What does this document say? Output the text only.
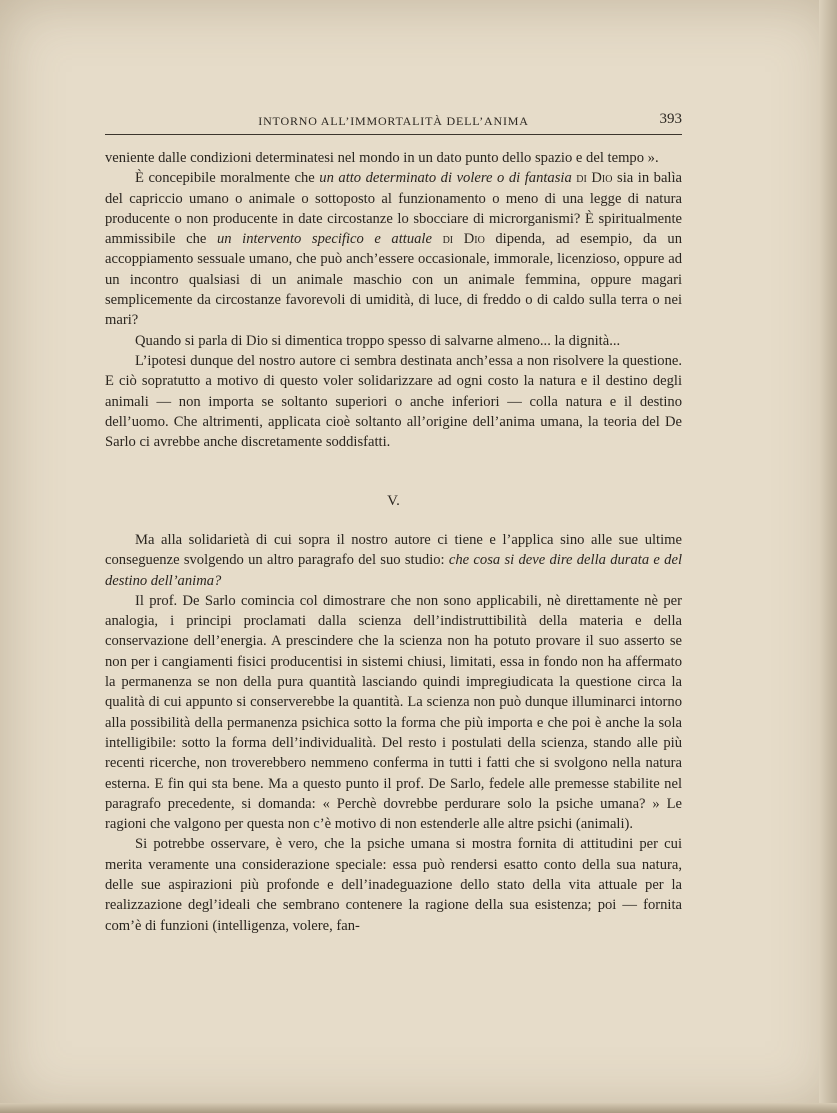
INTORNO ALL’IMMORTALITÀ DELL’ANIMA	393

veniente dalle condizioni determinatesi nel mondo in un dato punto dello spazio e del tempo ».

È concepibile moralmente che un atto determinato di volere o di fantasia di Dio sia in balìa del capriccio umano o animale o sottoposto al funzionamento o meno di una legge di natura producente o non producente in date circostanze lo sbocciare di microrganismi? È spiritualmente ammissibile che un intervento specifico e attuale di Dio dipenda, ad esempio, da un accoppiamento sessuale umano, che può anch’essere occasionale, immorale, licenzioso, oppure ad un incontro qualsiasi di un animale maschio con un animale femmina, oppure magari semplicemente da circostanze favorevoli di umidità, di luce, di freddo o di caldo sulla terra o nei mari?

Quando si parla di Dio si dimentica troppo spesso di salvarne almeno... la dignità...

L’ipotesi dunque del nostro autore ci sembra destinata anch’essa a non risolvere la questione. E ciò sopratutto a motivo di questo voler solidarizzare ad ogni costo la natura e il destino degli animali — non importa se soltanto superiori o anche inferiori — colla natura e il destino dell’uomo. Che altrimenti, applicata cioè soltanto all’origine dell’anima umana, la teoria del De Sarlo ci avrebbe anche discretamente soddisfatti.

V.

Ma alla solidarietà di cui sopra il nostro autore ci tiene e l’applica sino alle sue ultime conseguenze svolgendo un altro paragrafo del suo studio: che cosa si deve dire della durata e del destino dell’anima?

Il prof. De Sarlo comincia col dimostrare che non sono applicabili, nè direttamente nè per analogia, i principi proclamati dalla scienza dell’indistruttibilità della materia e della conservazione dell’energia. A prescindere che la scienza non ha potuto provare il suo asserto se non per i cangiamenti fisici producentisi in sistemi chiusi, limitati, essa in fondo non ha affermato la permanenza se non della pura quantità lasciando quindi impregiudicata la questione circa la qualità di cui appunto si conserverebbe la quantità. La scienza non può dunque illuminarci intorno alla possibilità della permanenza psichica sotto la forma che più importa e che poi è anche la sola intelligibile: sotto la forma dell’individualità. Del resto i postulati della scienza, stando alle più recenti ricerche, non troverebbero nemmeno conferma in tutti i fatti che si svolgono nella natura esterna. E fin qui sta bene. Ma a questo punto il prof. De Sarlo, fedele alle premesse stabilite nel paragrafo precedente, si domanda: « Perchè dovrebbe perdurare solo la psiche umana? » Le ragioni che valgono per questa non c’è motivo di non estenderle alle altre psichi (animali).

Si potrebbe osservare, è vero, che la psiche umana si mostra fornita di attitudini per cui merita veramente una considerazione speciale: essa può rendersi esatto conto della sua natura, delle sue aspirazioni più profonde e dell’inadeguazione dello stato della vita attuale per la realizzazione degl’ideali che sembrano contenere la ragione della sua esistenza; poi — fornita com’è di funzioni (intelligenza, volere, fan-
